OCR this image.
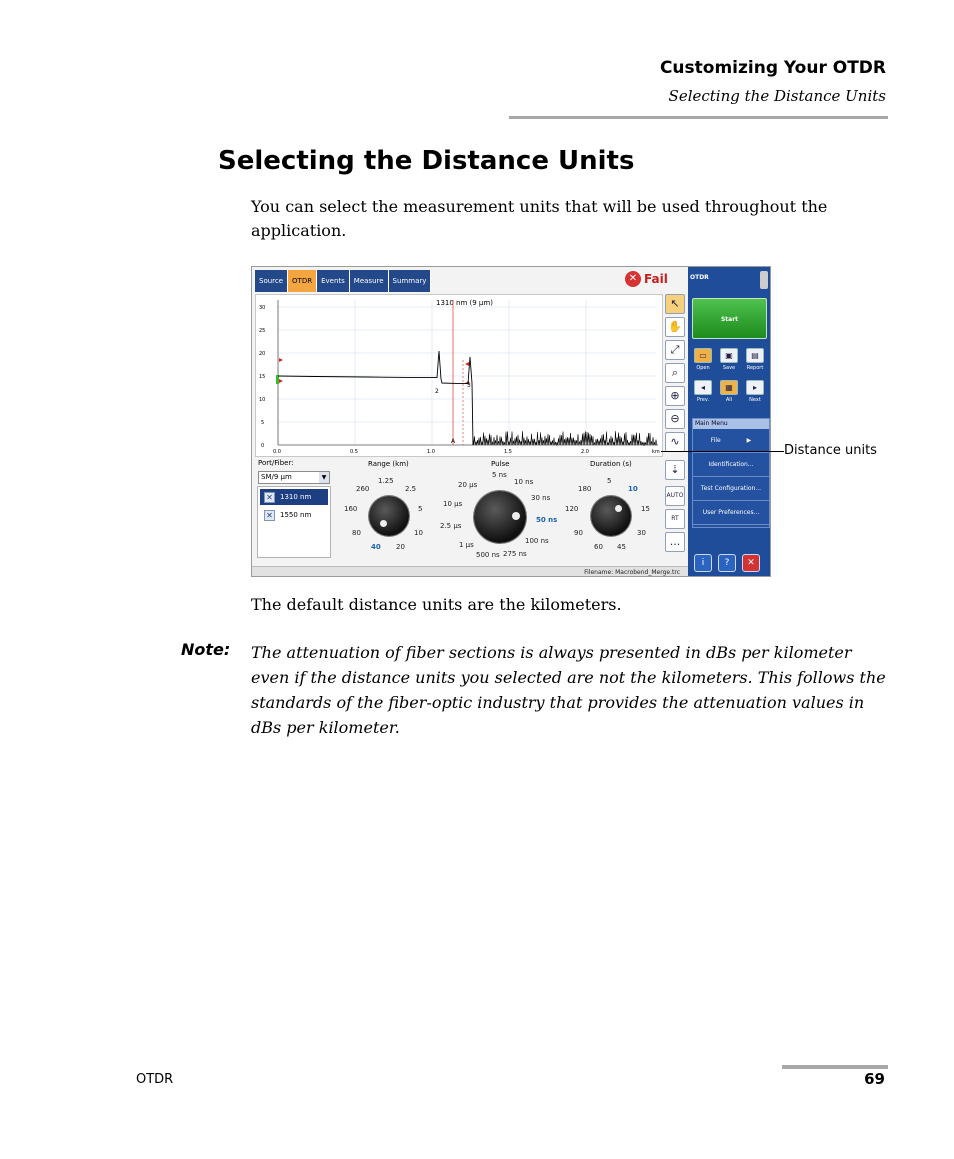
Customizing Your OTDR
Selecting the Distance Units
Selecting the Distance Units
You can select the measurement units that will be used throughout the application.
Source	OTDR	Events	Measure	Summary	✕ Fail
30
25
20
15
10
5
0
0.0	0.5	1.0	1.5	2.0	km
1310 nm (9 µm)
2
3
A
↖
✋
⤢
⌕
⊕
⊖
∿
⇣
AUTO
RT
...
Port/Fiber:
SM/9 µm	▼
✕	1310 nm
✕	1550 nm
Range (km)
1.25
2.5
5
10
20
40
80
160
260
Pulse
5 ns
10 ns
30 ns
50 ns
100 ns
275 ns
500 ns
1 µs
2.5 µs
10 µs
20 µs
Duration (s)
5
10
15
30
45
60
90
120
180
OTDR
Start
▭
Open
▣
Save
▤
Report
◂
Prev.
▦
All
▸
Next
Main Menu
File	▶
Identification...
Test Configuration...
User Preferences...
i	?	✕
Filename: Macrobend_Merge.trc
Distance units
The default distance units are the kilometers.
Note: The attenuation of fiber sections is always presented in dBs per kilometer even if the distance units you selected are not the kilometers. This follows the standards of the fiber-optic industry that provides the attenuation values in dBs per kilometer.
OTDR	69
